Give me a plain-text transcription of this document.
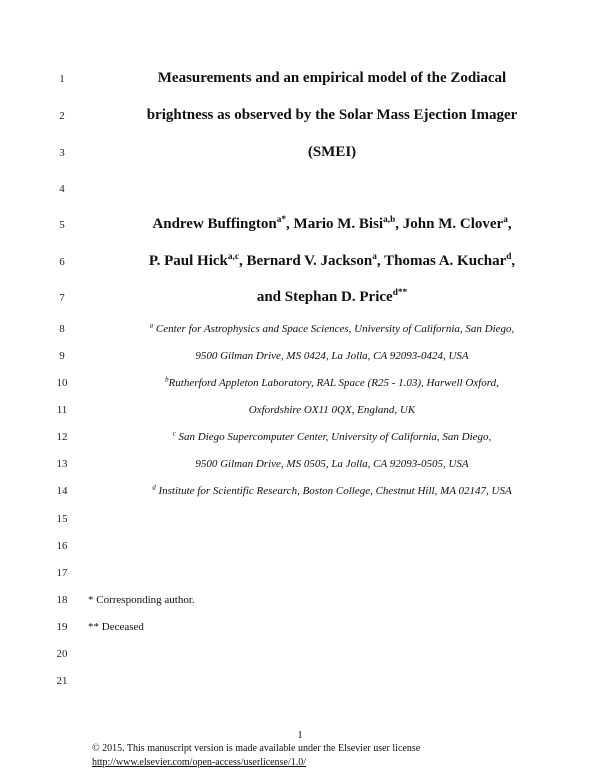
1
2
3
4
5
6
7
8
9
10
11
12
13
14
15
16
17
18
19
20
21
Measurements and an empirical model of the Zodiacal
brightness as observed by the Solar Mass Ejection Imager
(SMEI)
Andrew Buffington$^{a*}$, Mario M. Bisi$^{a,b}$, John M. Clover$^a$,
P. Paul Hick$^{a,c}$, Bernard V. Jackson$^a$, Thomas A. Kuchar$^d$,
and Stephan D. Price$^{d**}$
$^a$ Center for Astrophysics and Space Sciences, University of California, San Diego,
9500 Gilman Drive, MS 0424, La Jolla, CA 92093-0424, USA
$^b$Rutherford Appleton Laboratory, RAL Space (R25 - 1.03), Harwell Oxford,
Oxfordshire OX11 0QX, England, UK
$^c$ San Diego Supercomputer Center, University of California, San Diego,
9500 Gilman Drive, MS 0505, La Jolla, CA 92093-0505, USA
$^d$ Institute for Scientific Research, Boston College, Chestnut Hill, MA 02147, USA
* Corresponding author.
** Deceased
1
© 2015. This manuscript version is made available under the Elsevier user license
http://www.elsevier.com/open-access/userlicense/1.0/
